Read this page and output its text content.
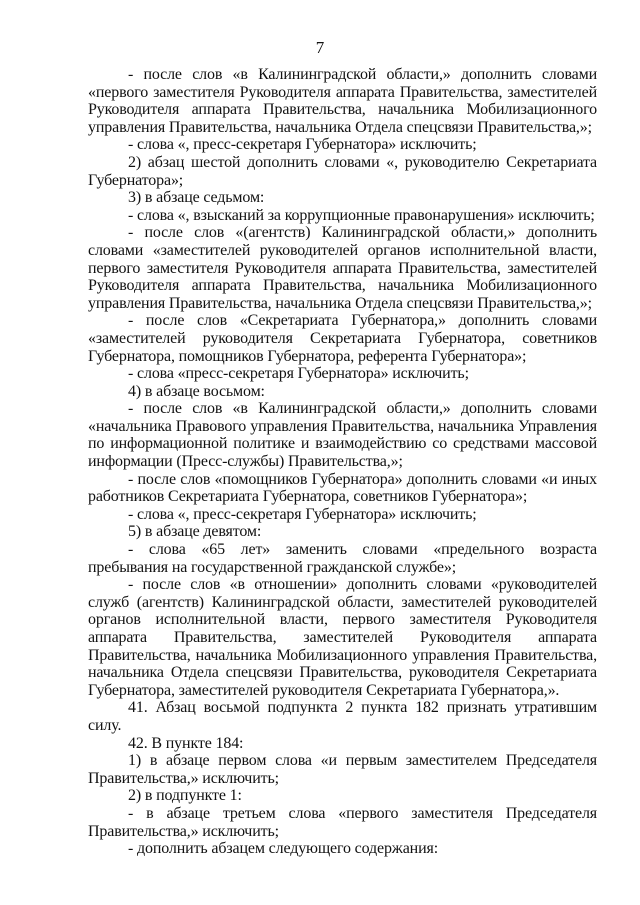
7

- после слов «в Калининградской области,» дополнить словами «первого заместителя Руководителя аппарата Правительства, заместителей Руководителя аппарата Правительства, начальника Мобилизационного управления Правительства, начальника Отдела спецсвязи Правительства,»;

- слова «, пресс-секретаря Губернатора» исключить;

2) абзац шестой дополнить словами «, руководителю Секретариата Губернатора»;

3) в абзаце седьмом:

- слова «, взысканий за коррупционные правонарушения» исключить;

- после слов «(агентств) Калининградской области,» дополнить словами «заместителей руководителей органов исполнительной власти, первого заместителя Руководителя аппарата Правительства, заместителей Руководителя аппарата Правительства, начальника Мобилизационного управления Правительства, начальника Отдела спецсвязи Правительства,»;

- после слов «Секретариата Губернатора,» дополнить словами «заместителей руководителя Секретариата Губернатора, советников Губернатора, помощников Губернатора, референта Губернатора»;

- слова «пресс-секретаря Губернатора» исключить;

4) в абзаце восьмом:

- после слов «в Калининградской области,» дополнить словами «начальника Правового управления Правительства, начальника Управления по информационной политике и взаимодействию со средствами массовой информации (Пресс-службы) Правительства,»;

- после слов «помощников Губернатора» дополнить словами «и иных работников Секретариата Губернатора, советников Губернатора»;

- слова «, пресс-секретаря Губернатора» исключить;

5) в абзаце девятом:

- слова «65 лет» заменить словами «предельного возраста пребывания на государственной гражданской службе»;

- после слов «в отношении» дополнить словами «руководителей служб (агентств) Калининградской области, заместителей руководителей органов исполнительной власти, первого заместителя Руководителя аппарата Правительства, заместителей Руководителя аппарата Правительства, начальника Мобилизационного управления Правительства, начальника Отдела спецсвязи Правительства, руководителя Секретариата Губернатора, заместителей руководителя Секретариата Губернатора,».

41. Абзац восьмой подпункта 2 пункта 182 признать утратившим силу.

42. В пункте 184:

1) в абзаце первом слова «и первым заместителем Председателя Правительства,» исключить;

2) в подпункте 1:

- в абзаце третьем слова «первого заместителя Председателя Правительства,» исключить;

- дополнить абзацем следующего содержания:
